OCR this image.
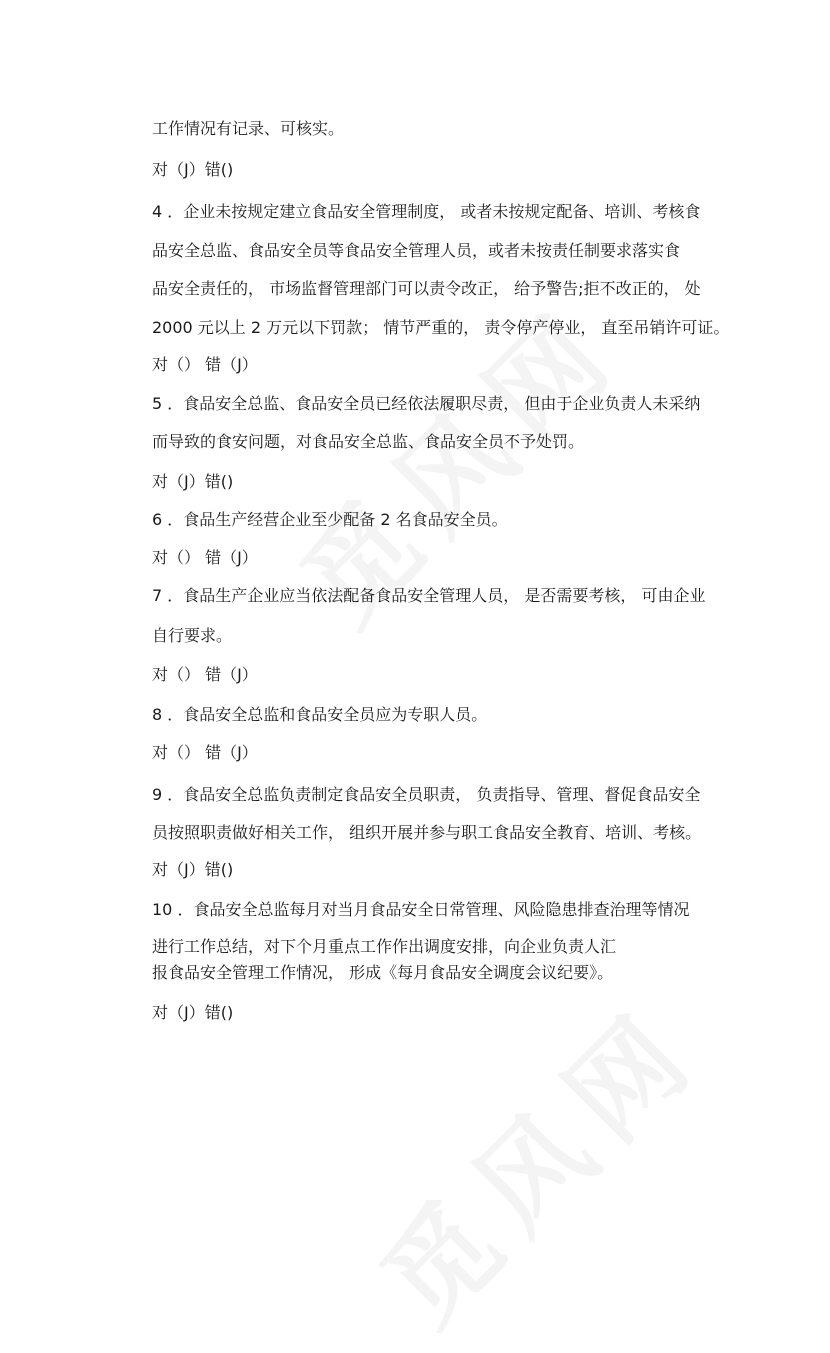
工作情况有记录、可核实。
对（J）错()
4 ．企业未按规定建立食品安全管理制度， 或者未按规定配备、培训、考核食
品安全总监、食品安全员等食品安全管理人员，或者未按责任制要求落实食
品安全责任的， 市场监督管理部门可以责令改正， 给予警告;拒不改正的， 处
2000 元以上 2 万元以下罚款； 情节严重的， 责令停产停业， 直至吊销许可证。
对（） 错（J）
5 ．食品安全总监、食品安全员已经依法履职尽责， 但由于企业负责人未采纳
而导致的食安问题，对食品安全总监、食品安全员不予处罚。
对（J）错()
6 ．食品生产经营企业至少配备 2 名食品安全员。
对（） 错（J）
7 ．食品生产企业应当依法配备食品安全管理人员， 是否需要考核， 可由企业
自行要求。
对（） 错（J）
8 ．食品安全总监和食品安全员应为专职人员。
对（） 错（J）
9 ．食品安全总监负责制定食品安全员职责， 负责指导、管理、督促食品安全
员按照职责做好相关工作， 组织开展并参与职工食品安全教育、培训、考核。
对（J）错()
10 ．食品安全总监每月对当月食品安全日常管理、风险隐患排查治理等情况
进行工作总结，对下个月重点工作作出调度安排，向企业负责人汇
报食品安全管理工作情况， 形成《每月食品安全调度会议纪要》。
对（J）错()
